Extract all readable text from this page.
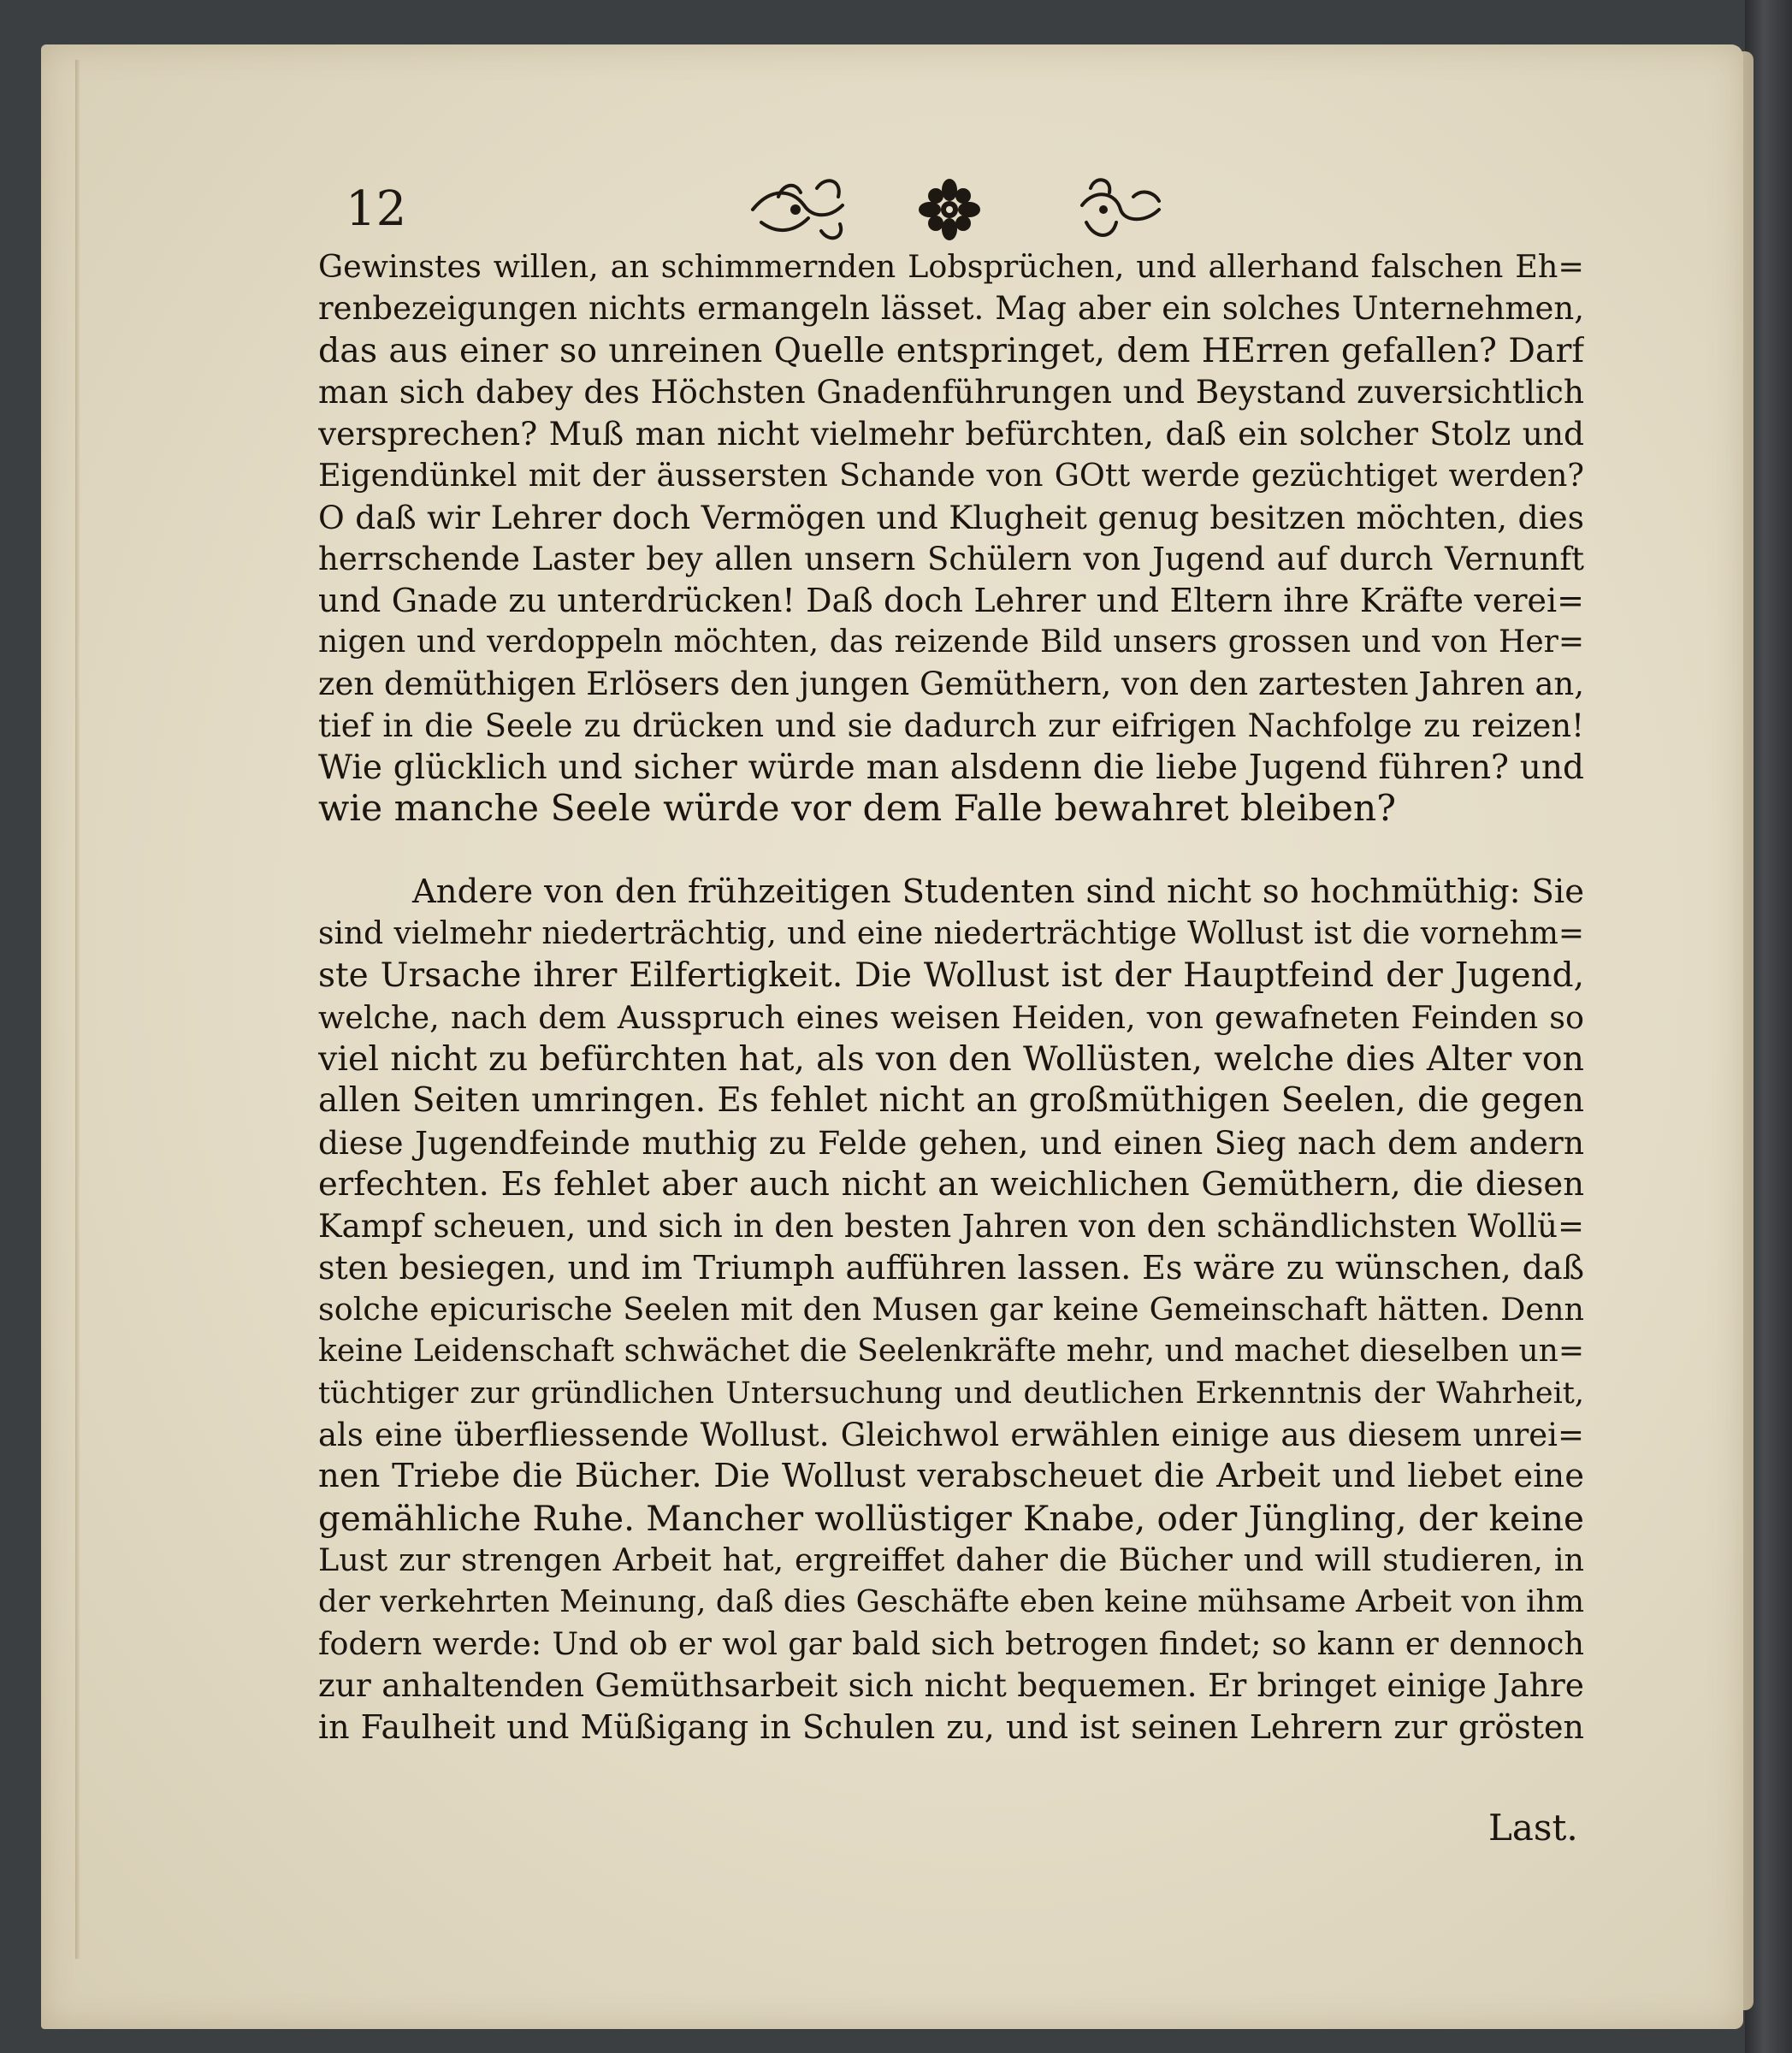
12
Gewinstes willen, an schimmernden Lobsprüchen, und allerhand falschen Eh=
renbezeigungen nichts ermangeln lässet. Mag aber ein solches Unternehmen,
das aus einer so unreinen Quelle entspringet, dem HErren gefallen? Darf
man sich dabey des Höchsten Gnadenführungen und Beystand zuversichtlich
versprechen? Muß man nicht vielmehr befürchten, daß ein solcher Stolz und
Eigendünkel mit der äussersten Schande von GOtt werde gezüchtiget werden?
O daß wir Lehrer doch Vermögen und Klugheit genug besitzen möchten, dies
herrschende Laster bey allen unsern Schülern von Jugend auf durch Vernunft
und Gnade zu unterdrücken! Daß doch Lehrer und Eltern ihre Kräfte verei=
nigen und verdoppeln möchten, das reizende Bild unsers grossen und von Her=
zen demüthigen Erlösers den jungen Gemüthern, von den zartesten Jahren an,
tief in die Seele zu drücken und sie dadurch zur eifrigen Nachfolge zu reizen!
Wie glücklich und sicher würde man alsdenn die liebe Jugend führen? und
wie manche Seele würde vor dem Falle bewahret bleiben?
Andere von den frühzeitigen Studenten sind nicht so hochmüthig: Sie
sind vielmehr niederträchtig, und eine niederträchtige Wollust ist die vornehm=
ste Ursache ihrer Eilfertigkeit. Die Wollust ist der Hauptfeind der Jugend,
welche, nach dem Ausspruch eines weisen Heiden, von gewafneten Feinden so
viel nicht zu befürchten hat, als von den Wollüsten, welche dies Alter von
allen Seiten umringen. Es fehlet nicht an großmüthigen Seelen, die gegen
diese Jugendfeinde muthig zu Felde gehen, und einen Sieg nach dem andern
erfechten. Es fehlet aber auch nicht an weichlichen Gemüthern, die diesen
Kampf scheuen, und sich in den besten Jahren von den schändlichsten Wollü=
sten besiegen, und im Triumph aufführen lassen. Es wäre zu wünschen, daß
solche epicurische Seelen mit den Musen gar keine Gemeinschaft hätten. Denn
keine Leidenschaft schwächet die Seelenkräfte mehr, und machet dieselben un=
tüchtiger zur gründlichen Untersuchung und deutlichen Erkenntnis der Wahrheit,
als eine überfliessende Wollust. Gleichwol erwählen einige aus diesem unrei=
nen Triebe die Bücher. Die Wollust verabscheuet die Arbeit und liebet eine
gemähliche Ruhe. Mancher wollüstiger Knabe, oder Jüngling, der keine
Lust zur strengen Arbeit hat, ergreiffet daher die Bücher und will studieren, in
der verkehrten Meinung, daß dies Geschäfte eben keine mühsame Arbeit von ihm
fodern werde: Und ob er wol gar bald sich betrogen findet; so kann er dennoch
zur anhaltenden Gemüthsarbeit sich nicht bequemen. Er bringet einige Jahre
in Faulheit und Müßigang in Schulen zu, und ist seinen Lehrern zur grösten
Last.
